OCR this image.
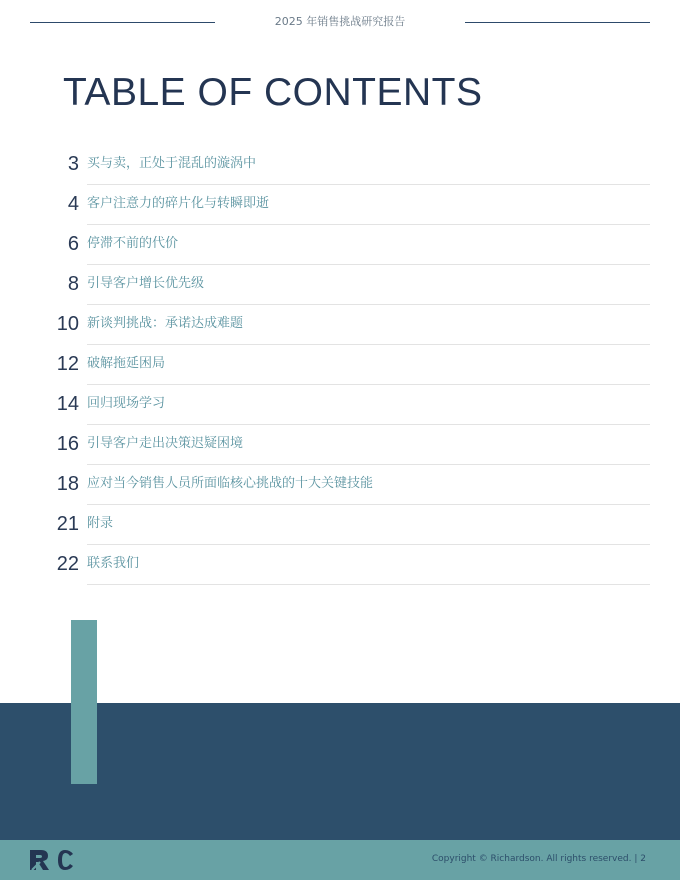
2025 年销售挑战研究报告
TABLE OF CONTENTS
3 买与卖，正处于混乱的漩涡中
4 客户注意力的碎片化与转瞬即逝
6 停滞不前的代价
8 引导客户增长优先级
10 新谈判挑战：承诺达成难题
12 破解拖延困局
14 回归现场学习
16 引导客户走出决策迟疑困境
18 应对当今销售人员所面临核心挑战的十大关键技能
21 附录
22 联系我们
Copyright © Richardson. All rights reserved. | 2
